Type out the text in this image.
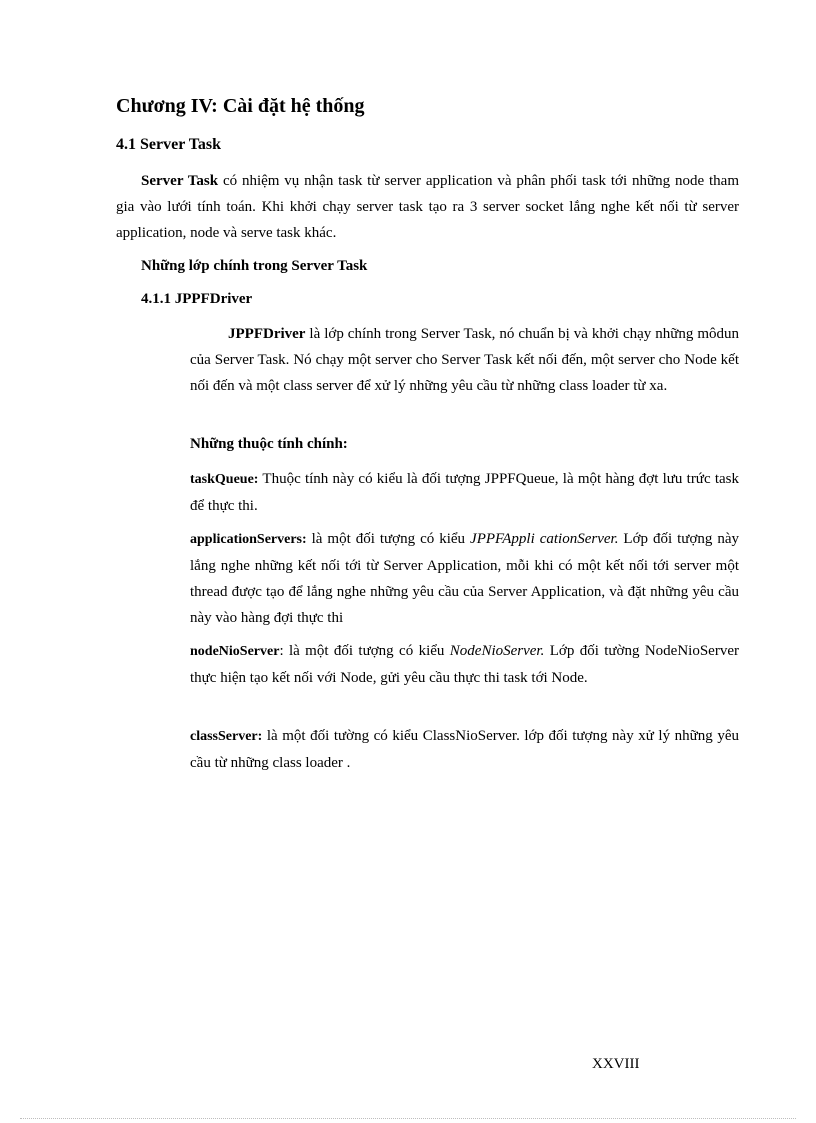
Chương IV: Cài đặt hệ thống
4.1 Server Task

Server Task có nhiệm vụ nhận task từ server application và phân phối task tới những node tham gia vào lưới tính toán. Khi khởi chạy server task tạo ra 3 server socket lắng nghe kết nối từ server application, node và serve task khác.

Những lớp chính trong Server Task

4.1.1 JPPFDriver

JPPFDriver là lớp chính trong Server Task, nó chuẩn bị và khởi chạy những môdun của Server Task. Nó chạy một server cho Server Task kết nối đến, một server cho Node kết nối đến và một class server để xử lý những yêu cầu từ những class loader từ xa.

Những thuộc tính chính:

taskQueue: Thuộc tính này có kiểu là đối tượng JPPFQueue, là một hàng đợt lưu trức task để thực thi.

applicationServers: là một đối tượng có kiểu JPPFAppli cationServer. Lớp đối tượng này lắng nghe những kết nối tới từ Server Application, mỗi khi có một kết nối tới server một thread được tạo để lắng nghe những yêu cầu của Server Application, và đặt những yêu cầu này vào hàng đợi thực thi

nodeNioServer: là một đối tượng có kiểu NodeNioServer. Lớp đối tường NodeNioServer thực hiện tạo kết nối với Node, gửi yêu cầu thực thi task tới Node.

classServer: là một đối tường có kiểu ClassNioServer. lớp đối tượng này xử lý những yêu cầu từ những class loader .

XXVIII
